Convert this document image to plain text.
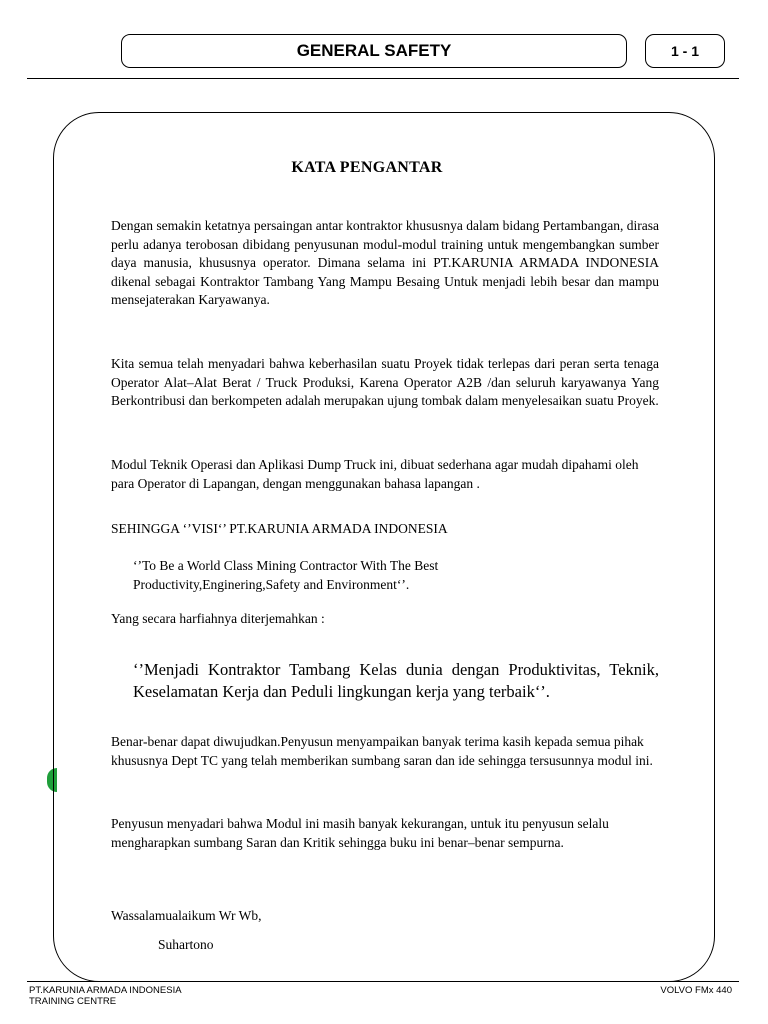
GENERAL SAFETY	1 - 1
KATA PENGANTAR

Dengan semakin ketatnya persaingan antar kontraktor khususnya dalam bidang Pertambangan, dirasa perlu adanya terobosan dibidang penyusunan modul-modul training untuk mengembangkan sumber daya manusia, khususnya operator. Dimana selama ini PT.KARUNIA ARMADA INDONESIA dikenal sebagai Kontraktor Tambang Yang Mampu Besaing Untuk menjadi lebih besar dan mampu mensejaterakan Karyawanya.

Kita semua telah menyadari bahwa keberhasilan suatu Proyek tidak terlepas dari peran serta tenaga Operator Alat–Alat Berat / Truck Produksi, Karena Operator A2B /dan seluruh karyawanya Yang Berkontribusi dan berkompeten adalah merupakan ujung tombak dalam menyelesaikan suatu Proyek.

Modul Teknik Operasi dan Aplikasi Dump Truck ini, dibuat sederhana agar mudah dipahami oleh para Operator di Lapangan, dengan menggunakan bahasa lapangan .

SEHINGGA ‘’VISI‘’ PT.KARUNIA ARMADA INDONESIA

‘’To Be a World Class Mining Contractor With The Best Productivity,Enginering,Safety and Environment‘’.

Yang secara harfiahnya diterjemahkan :

‘’Menjadi Kontraktor Tambang Kelas dunia dengan Produktivitas, Teknik, Keselamatan Kerja dan Peduli lingkungan kerja yang terbaik‘’.

Benar-benar dapat diwujudkan.Penyusun menyampaikan banyak terima kasih kepada semua pihak khususnya Dept TC yang telah memberikan sumbang saran dan ide sehingga tersusunnya modul ini.

Penyusun menyadari bahwa Modul ini masih banyak kekurangan, untuk itu penyusun selalu mengharapkan sumbang Saran dan Kritik sehingga buku ini benar–benar sempurna.

Wassalamualaikum Wr Wb,

Suhartono

PT.KARUNIA ARMADA INDONESIA
TRAINING CENTRE
VOLVO FMx 440
